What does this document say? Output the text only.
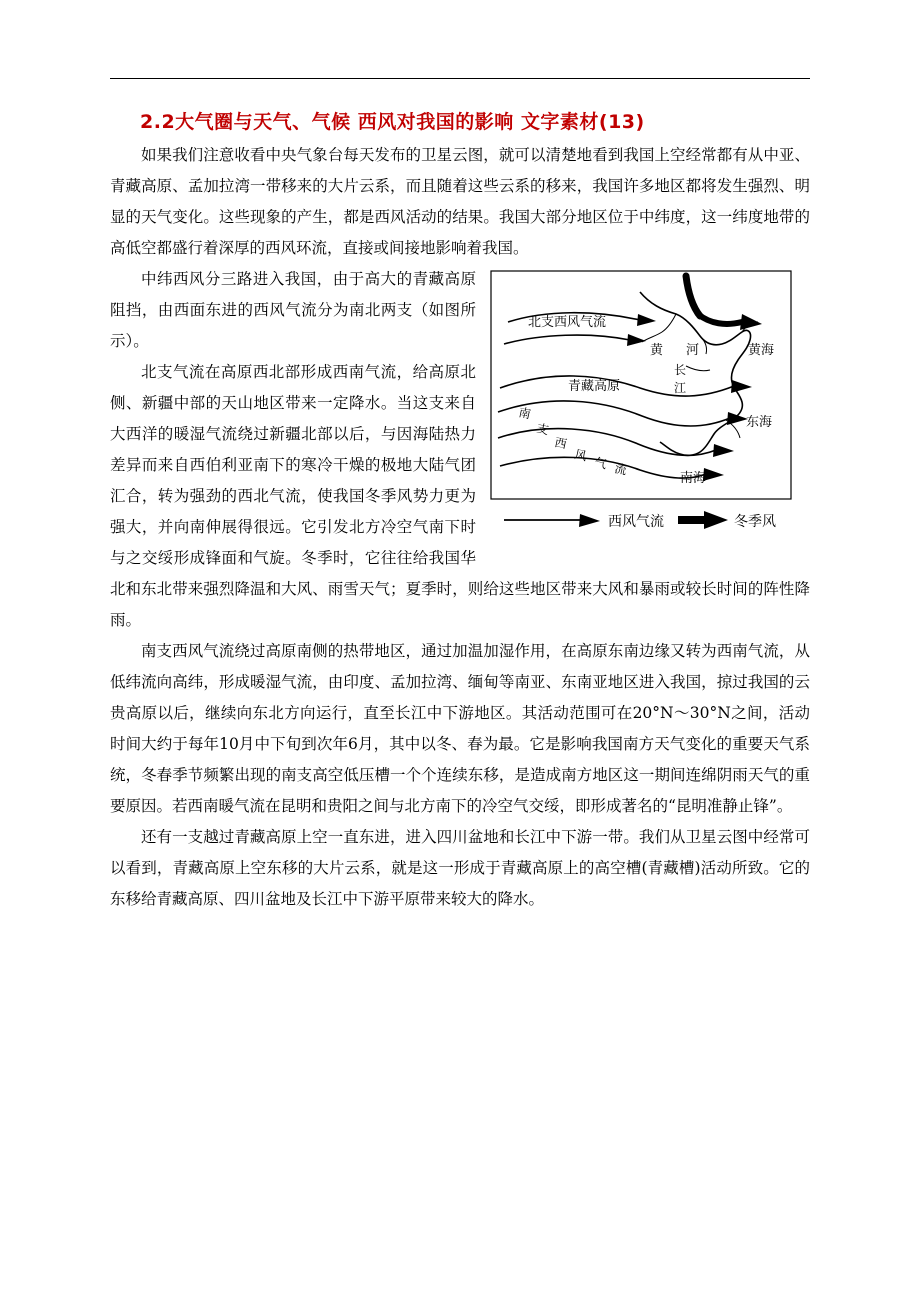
2.2大气圈与天气、气候 西风对我国的影响 文字素材(13)

如果我们注意收看中央气象台每天发布的卫星云图，就可以清楚地看到我国上空经常都有从中亚、青藏高原、孟加拉湾一带移来的大片云系，而且随着这些云系的移来，我国许多地区都将发生强烈、明显的天气变化。这些现象的产生，都是西风活动的结果。我国大部分地区位于中纬度，这一纬度地带的高低空都盛行着深厚的西风环流，直接或间接地影响着我国。

北支西风气流
黄 河	黄海
青藏高原
长
江
南
支
西
风 气 流
东海
南海
西风气流	冬季风

中纬西风分三路进入我国，由于高大的青藏高原阻挡，由西面东进的西风气流分为南北两支（如图所示）。

北支气流在高原西北部形成西南气流，给高原北侧、新疆中部的天山地区带来一定降水。当这支来自大西洋的暖湿气流绕过新疆北部以后，与因海陆热力差异而来自西伯利亚南下的寒冷干燥的极地大陆气团汇合，转为强劲的西北气流，使我国冬季风势力更为强大，并向南伸展得很远。它引发北方冷空气南下时与之交绥形成锋面和气旋。冬季时，它往往给我国华北和东北带来强烈降温和大风、雨雪天气；夏季时，则给这些地区带来大风和暴雨或较长时间的阵性降雨。

南支西风气流绕过高原南侧的热带地区，通过加温加湿作用，在高原东南边缘又转为西南气流，从低纬流向高纬，形成暖湿气流，由印度、孟加拉湾、缅甸等南亚、东南亚地区进入我国，掠过我国的云贵高原以后，继续向东北方向运行，直至长江中下游地区。其活动范围可在20°N～30°N之间，活动时间大约于每年10月中下旬到次年6月，其中以冬、春为最。它是影响我国南方天气变化的重要天气系统，冬春季节频繁出现的南支高空低压槽一个个连续东移，是造成南方地区这一期间连绵阴雨天气的重要原因。若西南暖气流在昆明和贵阳之间与北方南下的冷空气交绥，即形成著名的“昆明准静止锋”。

还有一支越过青藏高原上空一直东进，进入四川盆地和长江中下游一带。我们从卫星云图中经常可以看到，青藏高原上空东移的大片云系，就是这一形成于青藏高原上的高空槽(青藏槽)活动所致。它的东移给青藏高原、四川盆地及长江中下游平原带来较大的降水。
